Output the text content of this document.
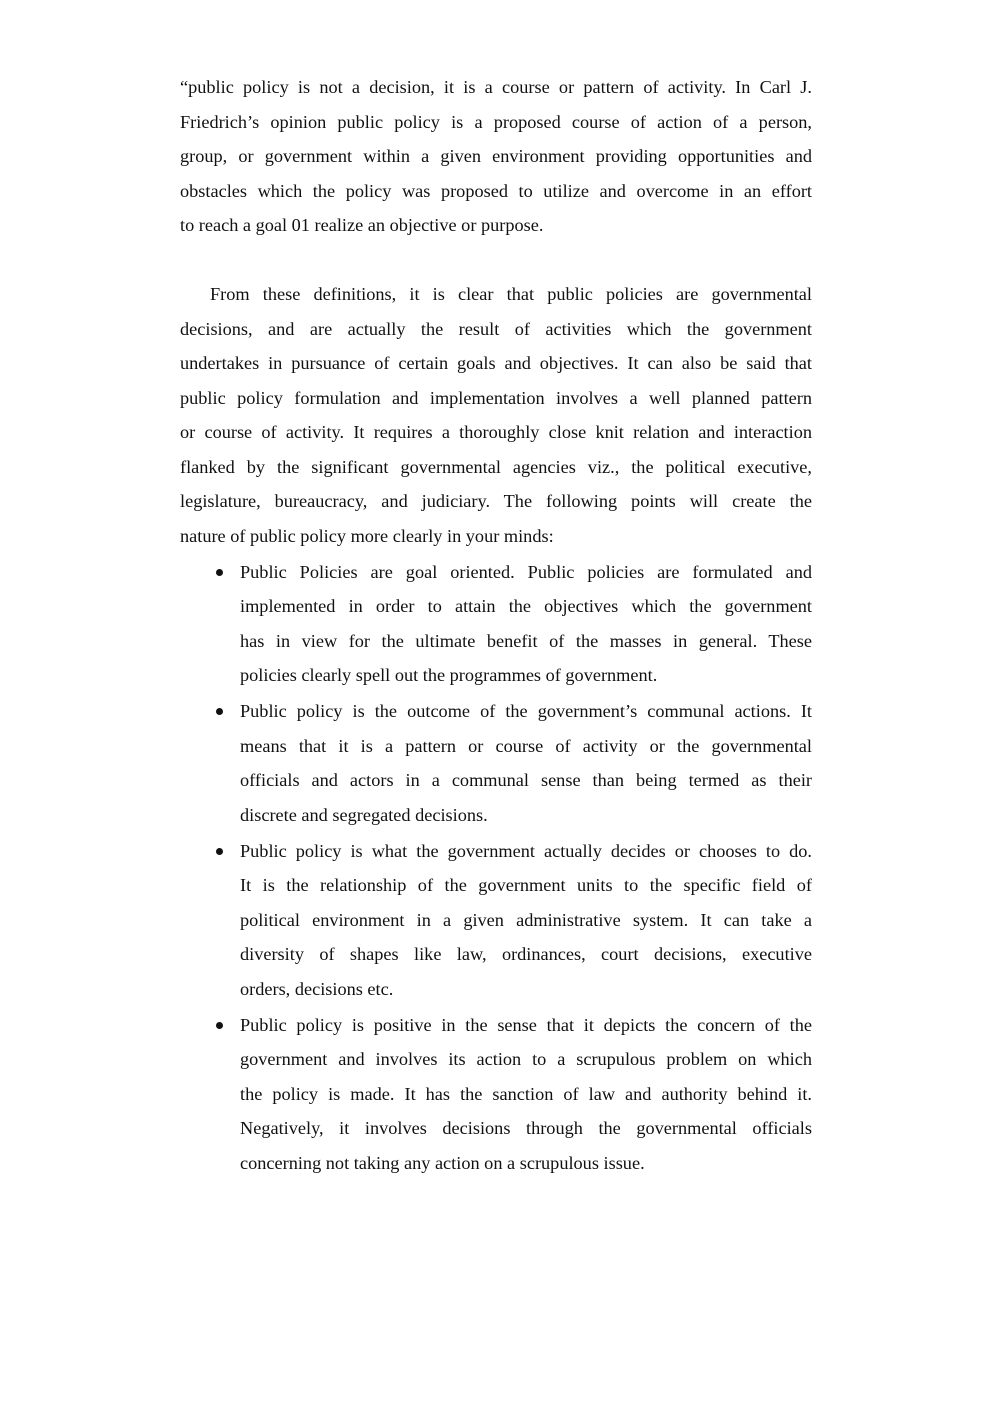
“public policy is not a decision, it is a course or pattern of activity. In Carl J.
Friedrich’s opinion public policy is a proposed course of action of a person,
group, or government within a given environment providing opportunities and
obstacles which the policy was proposed to utilize and overcome in an effort
to reach a goal 01 realize an objective or purpose.
From these definitions, it is clear that public policies are governmental
decisions, and are actually the result of activities which the government
undertakes in pursuance of certain goals and objectives. It can also be said that
public policy formulation and implementation involves a well planned pattern
or course of activity. It requires a thoroughly close knit relation and interaction
flanked by the significant governmental agencies viz., the political executive,
legislature, bureaucracy, and judiciary. The following points will create the
nature of public policy more clearly in your minds:
Public Policies are goal oriented. Public policies are formulated and
implemented in order to attain the objectives which the government
has in view for the ultimate benefit of the masses in general. These
policies clearly spell out the programmes of government.
Public policy is the outcome of the government’s communal actions. It
means that it is a pattern or course of activity or the governmental
officials and actors in a communal sense than being termed as their
discrete and segregated decisions.
Public policy is what the government actually decides or chooses to do.
It is the relationship of the government units to the specific field of
political environment in a given administrative system. It can take a
diversity of shapes like law, ordinances, court decisions, executive
orders, decisions etc.
Public policy is positive in the sense that it depicts the concern of the
government and involves its action to a scrupulous problem on which
the policy is made. It has the sanction of law and authority behind it.
Negatively, it involves decisions through the governmental officials
concerning not taking any action on a scrupulous issue.
